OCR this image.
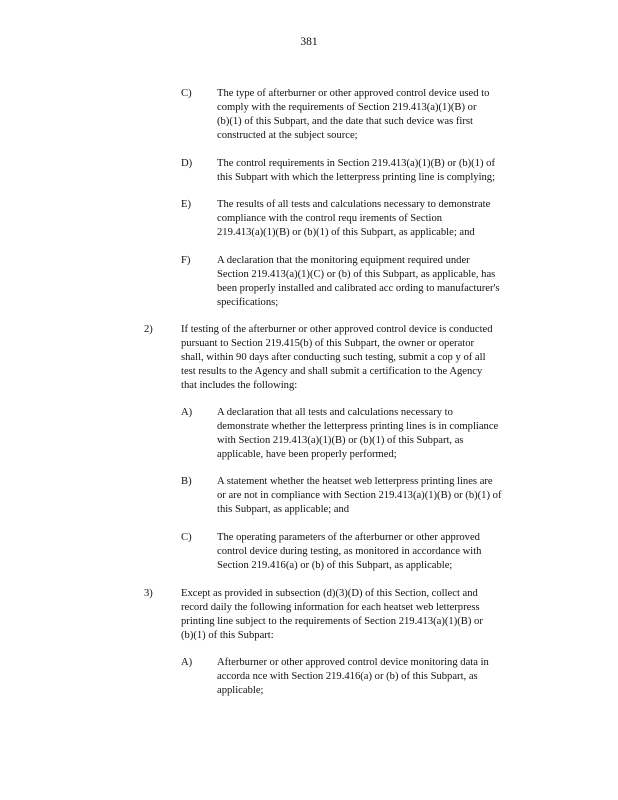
381
C) The type of afterburner or other approved control device used to

comply with the requirements of Section 219.413(a)(1)(B) or

(b)(1) of this Subpart, and the date that such device was first

constructed at the subject source;

D) The control requirements in Section 219.413(a)(1)(B) or (b)(1) of

this Subpart with which the letterpress printing line is complying;

E) The results of all tests and calculations necessary to demonstrate

compliance with the control requ irements of Section

219.413(a)(1)(B) or (b)(1) of this Subpart, as applicable; and

F)	A declaration that the monitoring equipment required under

Section 219.413(a)(1)(C) or (b) of this Subpart, as applicable, has

been properly installed and calibrated acc ording to manufacturer's

specifications;

2)	If testing of the afterburner or other approved control device is conducted

pursuant to Section 219.415(b) of this Subpart, the owner or operator

shall, within 90 days after conducting such testing, submit a cop y of all

test results to the Agency and shall submit a certification to the Agency

that includes the following:

A) A declaration that all tests and calculations necessary to

demonstrate whether the letterpress printing lines is in compliance

with Section 219.413(a)(1)(B) or (b)(1) of this Subpart, as

applicable, have been properly performed;

B) A statement whether the heatset web letterpress printing lines are

or are not in compliance with Section 219.413(a)(1)(B) or (b)(1) of

this Subpart, as applicable; and

C) The operating parameters of the afterburner or other approved

control device during testing, as monitored in accordance with

Section 219.416(a) or (b) of this Subpart, as applicable;

3)	Except as provided in subsection (d)(3)(D) of this Section, collect and

record daily the following information for each heatset web letterpress

printing line subject to the requirements of Section 219.413(a)(1)(B) or

(b)(1) of this Subpart:

A) Afterburner or other approved control device monitoring data in

accorda nce with Section 219.416(a) or (b) of this Subpart, as

applicable;
